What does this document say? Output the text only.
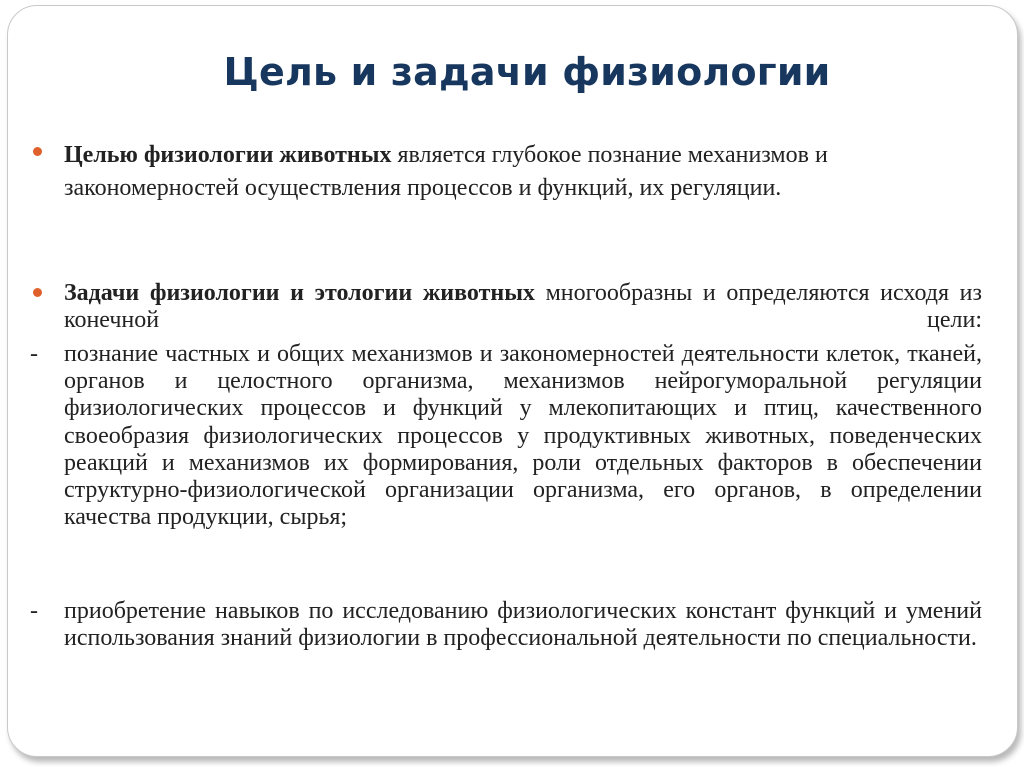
Цель и задачи физиологии
Целью физиологии животных является глубокое познание механизмов и закономерностей осуществления процессов и функций, их регуляции.
Задачи физиологии и этологии животных многообразны и определяются исходя из конечной цели:
- познание частных и общих механизмов и закономерностей деятельности клеток, тканей, органов и целостного организма, механизмов нейрогуморальной регуляции физиологических процессов и функций у млекопитающих и птиц, качественного своеобразия физиологических процессов у продуктивных животных, поведенческих реакций и механизмов их формирования, роли отдельных факторов в обеспечении структурно-физиологической организации организма, его органов, в определении качества продукции, сырья;
- приобретение навыков по исследованию физиологических констант функций и умений использования знаний физиологии в профессиональной деятельности по специальности.
